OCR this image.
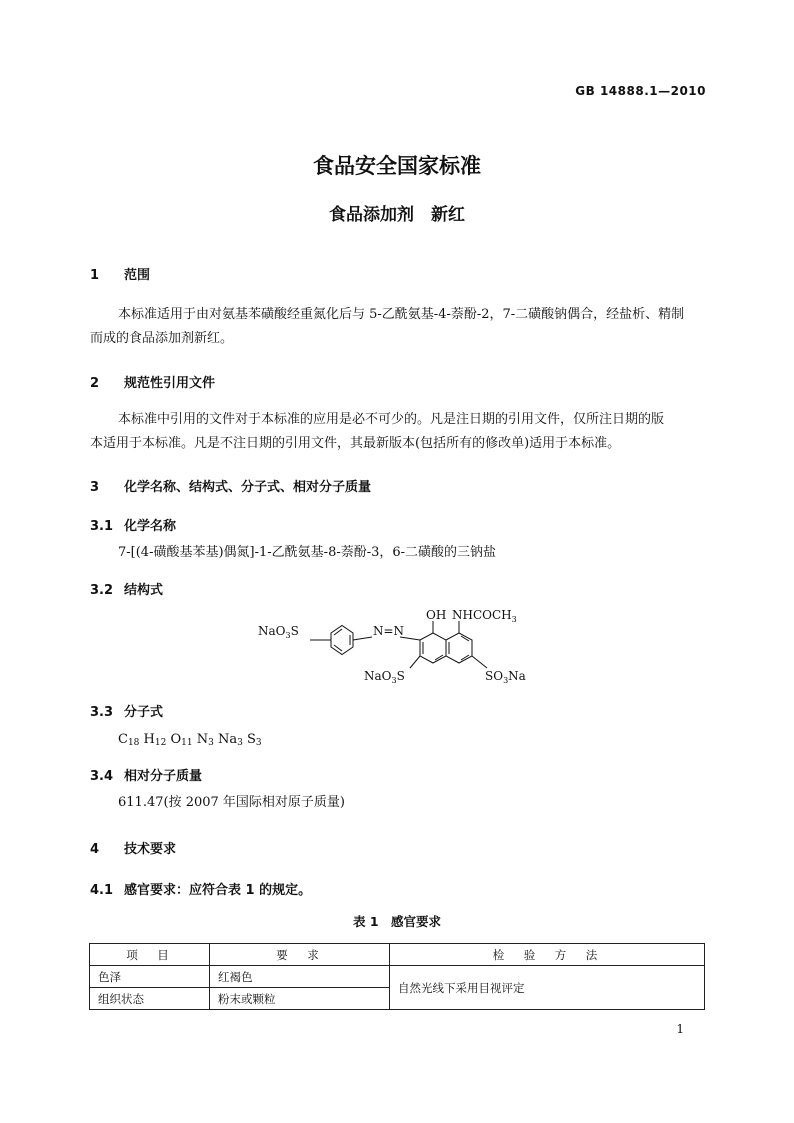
GB 14888.1—2010
食品安全国家标准
食品添加剂　新红
1 范围
本标准适用于由对氨基苯磺酸经重氮化后与 5-乙酰氨基-4-萘酚-2，7-二磺酸钠偶合，经盐析、精制
而成的食品添加剂新红。
2 规范性引用文件
本标准中引用的文件对于本标准的应用是必不可少的。凡是注日期的引用文件，仅所注日期的版
本适用于本标准。凡是不注日期的引用文件，其最新版本(包括所有的修改单)适用于本标准。
3 化学名称、结构式、分子式、相对分子质量
3.1 化学名称
7-[(4-磺酸基苯基)偶氮]-1-乙酰氨基-8-萘酚-3，6-二磺酸的三钠盐
3.2 结构式
NaO$_3$S	N=N
OH $NHCOCH_3$
NaO$_3$S	$SO_3Na$
3.3 分子式
$C_{18}$ $H_{12}$ $O_{11}$ $N_3$ $Na_3$ $S_3$
3.4 相对分子质量
611.47(按 2007 年国际相对原子质量)
4 技术要求
4.1 感官要求：应符合表 1 的规定。
表 1　感官要求
项　目	要　求	检　验　方　法
色泽	红褐色	自然光线下采用目视评定
组织状态	粉末或颗粒	
1
